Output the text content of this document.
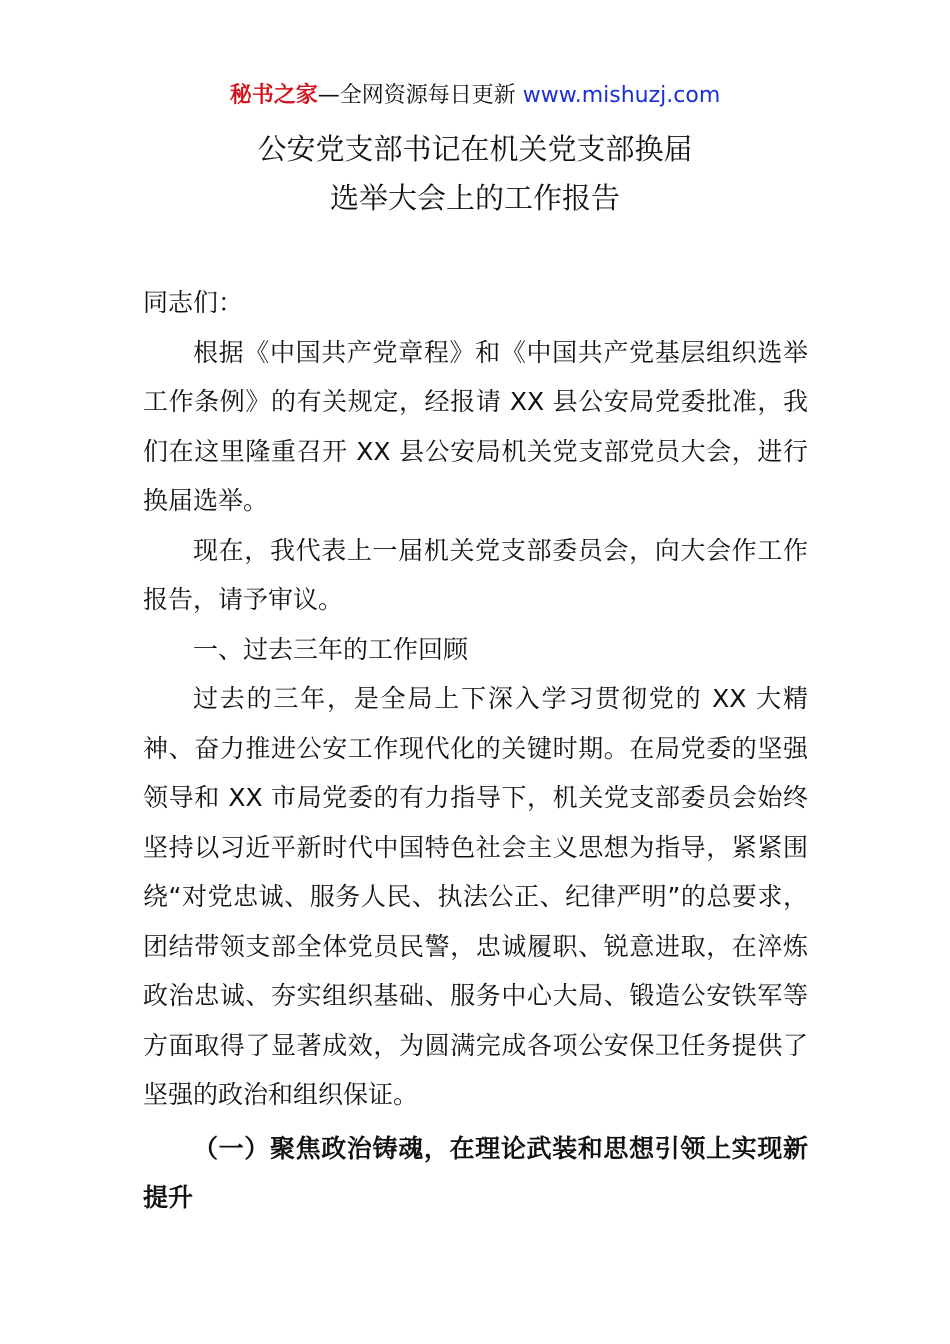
秘书之家—全网资源每日更新 www.mishuzj.com
公安党支部书记在机关党支部换届
选举大会上的工作报告

同志们：

根据《中国共产党章程》和《中国共产党基层组织选举工作条例》的有关规定，经报请 XX 县公安局党委批准，我们在这里隆重召开 XX 县公安局机关党支部党员大会，进行换届选举。

现在，我代表上一届机关党支部委员会，向大会作工作报告，请予审议。

一、过去三年的工作回顾

过去的三年，是全局上下深入学习贯彻党的 XX 大精神、奋力推进公安工作现代化的关键时期。在局党委的坚强领导和 XX 市局党委的有力指导下，机关党支部委员会始终坚持以习近平新时代中国特色社会主义思想为指导，紧紧围绕“对党忠诚、服务人民、执法公正、纪律严明”的总要求，团结带领支部全体党员民警，忠诚履职、锐意进取，在淬炼政治忠诚、夯实组织基础、服务中心大局、锻造公安铁军等方面取得了显著成效，为圆满完成各项公安保卫任务提供了坚强的政治和组织保证。

（一）聚焦政治铸魂，在理论武装和思想引领上实现新提升
